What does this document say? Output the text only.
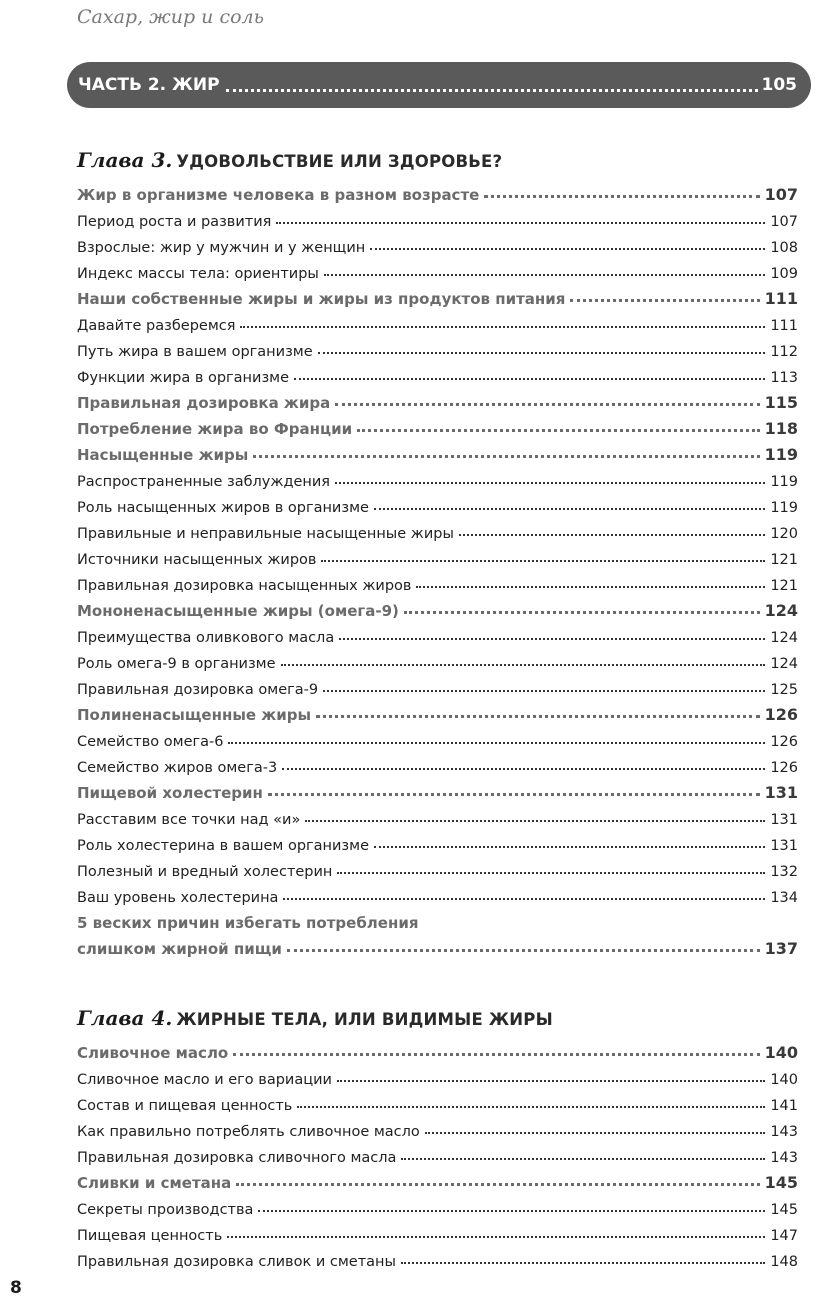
Сахар, жир и соль
ЧАСТЬ 2. ЖИР	105
Глава 3. УДОВОЛЬСТВИЕ ИЛИ ЗДОРОВЬЕ?
Жир в организме человека в разном возрасте	107
Период роста и развития	107
Взрослые: жир у мужчин и у женщин	108
Индекс массы тела: ориентиры	109
Наши собственные жиры и жиры из продуктов питания	111
Давайте разберемся	111
Путь жира в вашем организме	112
Функции жира в организме	113
Правильная дозировка жира	115
Потребление жира во Франции	118
Насыщенные жиры	119
Распространенные заблуждения	119
Роль насыщенных жиров в организме	119
Правильные и неправильные насыщенные жиры	120
Источники насыщенных жиров	121
Правильная дозировка насыщенных жиров	121
Мононенасыщенные жиры (омега-9)	124
Преимущества оливкового масла	124
Роль омега-9 в организме	124
Правильная дозировка омега-9	125
Полиненасыщенные жиры	126
Семейство омега-6	126
Семейство жиров омега-3	126
Пищевой холестерин	131
Расставим все точки над «и»	131
Роль холестерина в вашем организме	131
Полезный и вредный холестерин	132
Ваш уровень холестерина	134
5 веских причин избегать потребления
слишком жирной пищи	137
Глава 4. ЖИРНЫЕ ТЕЛА, ИЛИ ВИДИМЫЕ ЖИРЫ
Сливочное масло	140
Сливочное масло и его вариации	140
Состав и пищевая ценность	141
Как правильно потреблять сливочное масло	143
Правильная дозировка сливочного масла	143
Сливки и сметана	145
Секреты производства	145
Пищевая ценность	147
Правильная дозировка сливок и сметаны	148
8
